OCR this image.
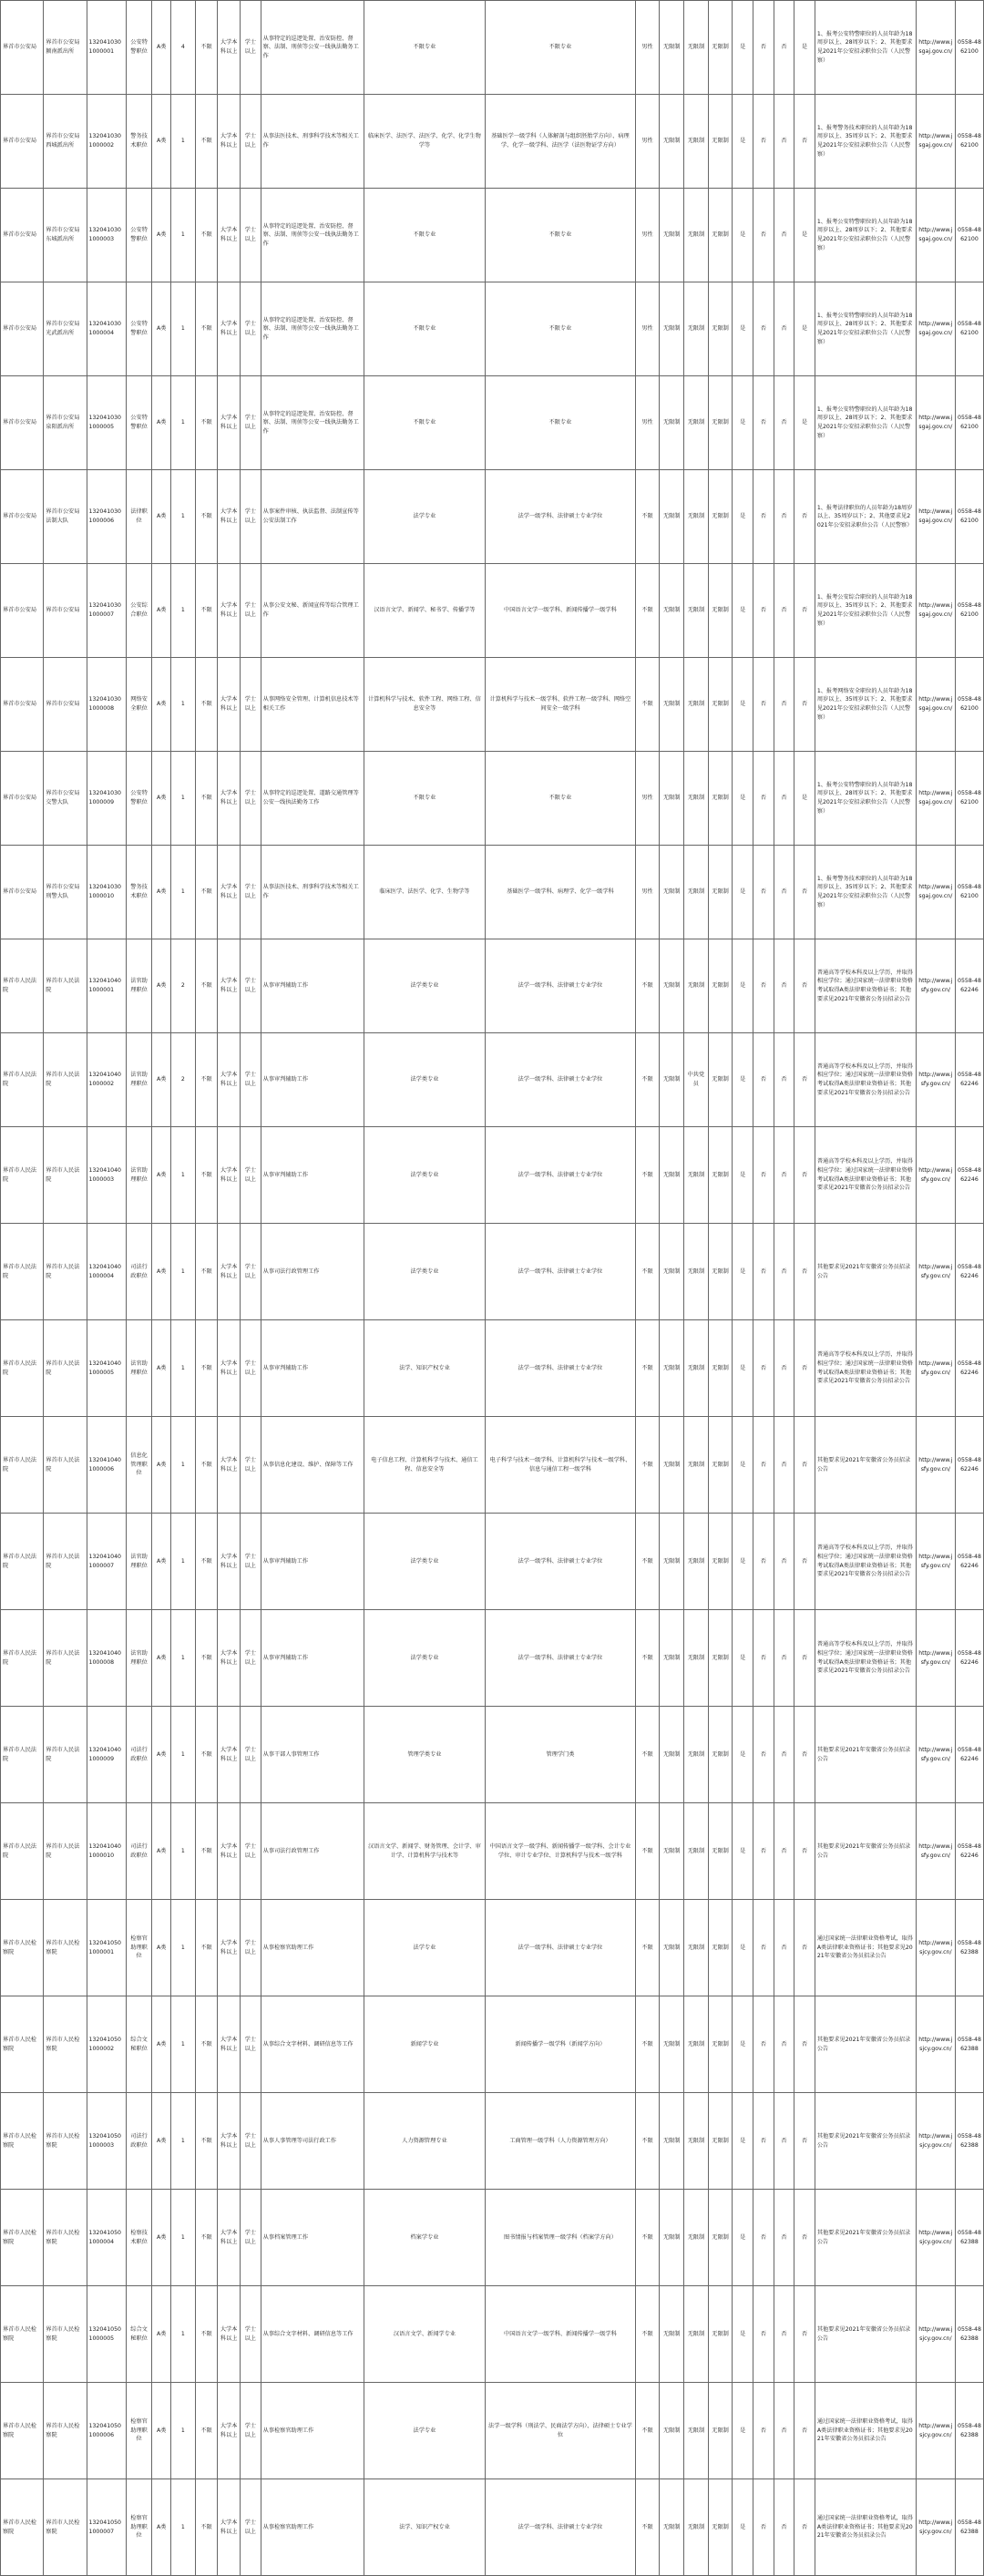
界首市公安局	界首市公安局颍南派出所	1320410301000001	公安特警职位	A类	4	不限	大学本科以上	学士以上	从事特定的巡逻处置、治安防控、督察、法制、刑侦等公安一线执法勤务工作	不限专业	不限专业	男性	无限制	无限制	无限制	是	否	否	是	1、报考公安特警职位的人员年龄为18周岁以上、28周岁以下；2、其他要求见2021年公安招录职位公告（人民警察）	http://www.jsgaj.gov.cn/	0558-4862100
界首市公安局	界首市公安局西城派出所	1320410301000002	警务技术职位	A类	1	不限	大学本科以上	学士以上	从事法医技术、刑事科学技术等相关工作	临床医学、法医学、法医学、化学、化学生物学等	基础医学一级学科（人体解剖与组织胚胎学方向）、病理学、化学一级学科、法医学（法医物证学方向）	男性	无限制	无限制	无限制	是	否	否	否	1、报考警务技术职位的人员年龄为18周岁以上、35周岁以下；2、其他要求见2021年公安招录职位公告（人民警察）	http://www.jsgaj.gov.cn/	0558-4862100
界首市公安局	界首市公安局东城派出所	1320410301000003	公安特警职位	A类	1	不限	大学本科以上	学士以上	从事特定的巡逻处置、治安防控、督察、法制、刑侦等公安一线执法勤务工作	不限专业	不限专业	男性	无限制	无限制	无限制	是	否	否	是	1、报考公安特警职位的人员年龄为18周岁以上、28周岁以下；2、其他要求见2021年公安招录职位公告（人民警察）	http://www.jsgaj.gov.cn/	0558-4862100
界首市公安局	界首市公安局光武派出所	1320410301000004	公安特警职位	A类	1	不限	大学本科以上	学士以上	从事特定的巡逻处置、治安防控、督察、法制、刑侦等公安一线执法勤务工作	不限专业	不限专业	男性	无限制	无限制	无限制	是	否	否	是	1、报考公安特警职位的人员年龄为18周岁以上、28周岁以下；2、其他要求见2021年公安招录职位公告（人民警察）	http://www.jsgaj.gov.cn/	0558-4862100
界首市公安局	界首市公安局泉阳派出所	1320410301000005	公安特警职位	A类	1	不限	大学本科以上	学士以上	从事特定的巡逻处置、治安防控、督察、法制、刑侦等公安一线执法勤务工作	不限专业	不限专业	男性	无限制	无限制	无限制	是	否	否	是	1、报考公安特警职位的人员年龄为18周岁以上、28周岁以下；2、其他要求见2021年公安招录职位公告（人民警察）	http://www.jsgaj.gov.cn/	0558-4862100
界首市公安局	界首市公安局法制大队	1320410301000006	法律职位	A类	1	不限	大学本科以上	学士以上	从事案件审核、执法监督、法制宣传等公安法制工作	法学专业	法学一级学科、法律硕士专业学位	不限	无限制	无限制	无限制	是	否	否	否	1、报考法律职位的人员年龄为18周岁以上、35周岁以下；2、其他要求见2021年公安招录职位公告（人民警察）	http://www.jsgaj.gov.cn/	0558-4862100
界首市公安局	界首市公安局	1320410301000007	公安综合职位	A类	1	不限	大学本科以上	学士以上	从事公安文秘、新闻宣传等综合管理工作	汉语言文学、新闻学、秘书学、传播学等	中国语言文学一级学科、新闻传播学一级学科	不限	无限制	无限制	无限制	是	否	否	否	1、报考公安综合职位的人员年龄为18周岁以上、35周岁以下；2、其他要求见2021年公安招录职位公告（人民警察）	http://www.jsgaj.gov.cn/	0558-4862100
界首市公安局	界首市公安局	1320410301000008	网络安全职位	A类	1	不限	大学本科以上	学士以上	从事网络安全管理、计算机信息技术等相关工作	计算机科学与技术、软件工程、网络工程、信息安全等	计算机科学与技术一级学科、软件工程一级学科、网络空间安全一级学科	不限	无限制	无限制	无限制	是	否	否	否	1、报考网络安全职位的人员年龄为18周岁以上、35周岁以下；2、其他要求见2021年公安招录职位公告（人民警察）	http://www.jsgaj.gov.cn/	0558-4862100
界首市公安局	界首市公安局交警大队	1320410301000009	公安特警职位	A类	1	不限	大学本科以上	学士以上	从事特定的巡逻处置、道路交通管理等公安一线执法勤务工作	不限专业	不限专业	男性	无限制	无限制	无限制	是	否	否	是	1、报考公安特警职位的人员年龄为18周岁以上、28周岁以下；2、其他要求见2021年公安招录职位公告（人民警察）	http://www.jsgaj.gov.cn/	0558-4862100
界首市公安局	界首市公安局刑警大队	1320410301000010	警务技术职位	A类	1	不限	大学本科以上	学士以上	从事法医技术、刑事科学技术等相关工作	临床医学、法医学、化学、生物学等	基础医学一级学科、病理学、化学一级学科	男性	无限制	无限制	无限制	是	否	否	否	1、报考警务技术职位的人员年龄为18周岁以上、35周岁以下；2、其他要求见2021年公安招录职位公告（人民警察）	http://www.jsgaj.gov.cn/	0558-4862100
界首市人民法院	界首市人民法院	1320410401000001	法官助理职位	A类	2	不限	大学本科以上	学士以上	从事审判辅助工作	法学类专业	法学一级学科、法律硕士专业学位	不限	无限制	无限制	无限制	是	否	否	否	普通高等学校本科及以上学历，并取得相应学位；通过国家统一法律职业资格考试取得A类法律职业资格证书；其他要求见2021年安徽省公务员招录公告	http://www.jsfy.gov.cn/	0558-4862246
界首市人民法院	界首市人民法院	1320410401000002	法官助理职位	A类	2	不限	大学本科以上	学士以上	从事审判辅助工作	法学类专业	法学一级学科、法律硕士专业学位	不限	无限制	中共党员	无限制	是	否	否	否	普通高等学校本科及以上学历，并取得相应学位；通过国家统一法律职业资格考试取得A类法律职业资格证书；其他要求见2021年安徽省公务员招录公告	http://www.jsfy.gov.cn/	0558-4862246
界首市人民法院	界首市人民法院	1320410401000003	法官助理职位	A类	1	不限	大学本科以上	学士以上	从事审判辅助工作	法学类专业	法学一级学科、法律硕士专业学位	不限	无限制	无限制	无限制	是	否	否	否	普通高等学校本科及以上学历，并取得相应学位；通过国家统一法律职业资格考试取得A类法律职业资格证书；其他要求见2021年安徽省公务员招录公告	http://www.jsfy.gov.cn/	0558-4862246
界首市人民法院	界首市人民法院	1320410401000004	司法行政职位	A类	1	不限	大学本科以上	学士以上	从事司法行政管理工作	法学类专业	法学一级学科、法律硕士专业学位	不限	无限制	无限制	无限制	是	否	否	否	其他要求见2021年安徽省公务员招录公告	http://www.jsfy.gov.cn/	0558-4862246
界首市人民法院	界首市人民法院	1320410401000005	法官助理职位	A类	1	不限	大学本科以上	学士以上	从事审判辅助工作	法学、知识产权专业	法学一级学科、法律硕士专业学位	不限	无限制	无限制	无限制	是	否	否	否	普通高等学校本科及以上学历，并取得相应学位；通过国家统一法律职业资格考试取得A类法律职业资格证书；其他要求见2021年安徽省公务员招录公告	http://www.jsfy.gov.cn/	0558-4862246
界首市人民法院	界首市人民法院	1320410401000006	信息化管理职位	A类	1	不限	大学本科以上	学士以上	从事信息化建设、维护、保障等工作	电子信息工程、计算机科学与技术、通信工程、信息安全等	电子科学与技术一级学科、计算机科学与技术一级学科、信息与通信工程一级学科	不限	无限制	无限制	无限制	是	否	否	否	其他要求见2021年安徽省公务员招录公告	http://www.jsfy.gov.cn/	0558-4862246
界首市人民法院	界首市人民法院	1320410401000007	法官助理职位	A类	1	不限	大学本科以上	学士以上	从事审判辅助工作	法学类专业	法学一级学科、法律硕士专业学位	不限	无限制	无限制	无限制	是	否	否	否	普通高等学校本科及以上学历，并取得相应学位；通过国家统一法律职业资格考试取得A类法律职业资格证书；其他要求见2021年安徽省公务员招录公告	http://www.jsfy.gov.cn/	0558-4862246
界首市人民法院	界首市人民法院	1320410401000008	法官助理职位	A类	1	不限	大学本科以上	学士以上	从事审判辅助工作	法学类专业	法学一级学科、法律硕士专业学位	不限	无限制	无限制	无限制	是	否	否	否	普通高等学校本科及以上学历，并取得相应学位；通过国家统一法律职业资格考试取得A类法律职业资格证书；其他要求见2021年安徽省公务员招录公告	http://www.jsfy.gov.cn/	0558-4862246
界首市人民法院	界首市人民法院	1320410401000009	司法行政职位	A类	1	不限	大学本科以上	学士以上	从事干部人事管理工作	管理学类专业	管理学门类	不限	无限制	无限制	无限制	是	否	否	否	其他要求见2021年安徽省公务员招录公告	http://www.jsfy.gov.cn/	0558-4862246
界首市人民法院	界首市人民法院	1320410401000010	司法行政职位	A类	1	不限	大学本科以上	学士以上	从事司法行政管理工作	汉语言文学、新闻学、财务管理、会计学、审计学、计算机科学与技术等	中国语言文学一级学科、新闻传播学一级学科、会计专业学位、审计专业学位、计算机科学与技术一级学科	不限	无限制	无限制	无限制	是	否	否	否	其他要求见2021年安徽省公务员招录公告	http://www.jsfy.gov.cn/	0558-4862246
界首市人民检察院	界首市人民检察院	1320410501000001	检察官助理职位	A类	1	不限	大学本科以上	学士以上	从事检察官助理工作	法学专业	法学一级学科、法律硕士专业学位	不限	无限制	无限制	无限制	是	否	否	否	通过国家统一法律职业资格考试，取得A类法律职业资格证书；其他要求见2021年安徽省公务员招录公告	http://www.jsjcy.gov.cn/	0558-4862388
界首市人民检察院	界首市人民检察院	1320410501000002	综合文秘职位	A类	1	不限	大学本科以上	学士以上	从事综合文字材料、调研信息等工作	新闻学专业	新闻传播学一级学科（新闻学方向）	不限	无限制	无限制	无限制	是	否	否	否	其他要求见2021年安徽省公务员招录公告	http://www.jsjcy.gov.cn/	0558-4862388
界首市人民检察院	界首市人民检察院	1320410501000003	司法行政职位	A类	1	不限	大学本科以上	学士以上	从事人事管理等司法行政工作	人力资源管理专业	工商管理一级学科（人力资源管理方向）	不限	无限制	无限制	无限制	是	否	否	否	其他要求见2021年安徽省公务员招录公告	http://www.jsjcy.gov.cn/	0558-4862388
界首市人民检察院	界首市人民检察院	1320410501000004	检察技术职位	A类	1	不限	大学本科以上	学士以上	从事档案管理工作	档案学专业	图书情报与档案管理一级学科（档案学方向）	不限	无限制	无限制	无限制	是	否	否	否	其他要求见2021年安徽省公务员招录公告	http://www.jsjcy.gov.cn/	0558-4862388
界首市人民检察院	界首市人民检察院	1320410501000005	综合文秘职位	A类	1	不限	大学本科以上	学士以上	从事综合文字材料、调研信息等工作	汉语言文学、新闻学专业	中国语言文学一级学科、新闻传播学一级学科	不限	无限制	无限制	无限制	是	否	否	否	其他要求见2021年安徽省公务员招录公告	http://www.jsjcy.gov.cn/	0558-4862388
界首市人民检察院	界首市人民检察院	1320410501000006	检察官助理职位	A类	1	不限	大学本科以上	学士以上	从事检察官助理工作	法学专业	法学一级学科（刑法学、民商法学方向）、法律硕士专业学位	不限	无限制	无限制	无限制	是	否	否	否	通过国家统一法律职业资格考试，取得A类法律职业资格证书；其他要求见2021年安徽省公务员招录公告	http://www.jsjcy.gov.cn/	0558-4862388
界首市人民检察院	界首市人民检察院	1320410501000007	检察官助理职位	A类	1	不限	大学本科以上	学士以上	从事检察官助理工作	法学、知识产权专业	法学一级学科、法律硕士专业学位	不限	无限制	无限制	无限制	是	否	否	否	通过国家统一法律职业资格考试，取得A类法律职业资格证书；其他要求见2021年安徽省公务员招录公告	http://www.jsjcy.gov.cn/	0558-4862388
